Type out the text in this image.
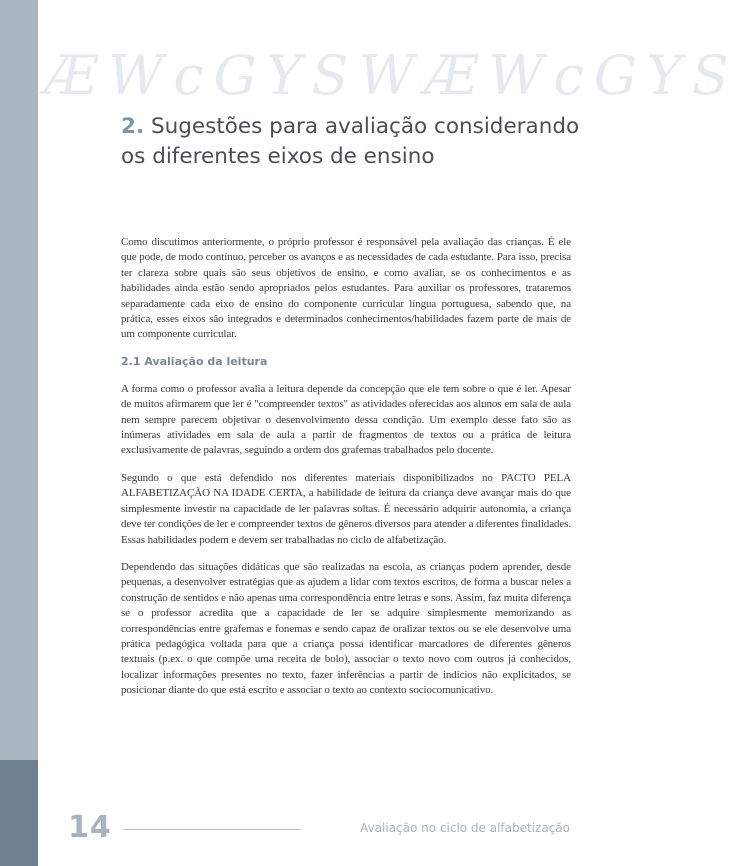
ÆWcGYSWÆWcGYS
2. Sugestões para avaliação considerando os diferentes eixos de ensino

Como discutimos anteriormente, o próprio professor é responsável pela avaliação das crianças. É ele que pode, de modo contínuo, perceber os avanços e as necessidades de cada estudante. Para isso, precisa ter clareza sobre quais são seus objetivos de ensino, e como avaliar, se os conhecimentos e as habilidades ainda estão sendo apropriados pelos estudantes. Para auxiliar os professores, trataremos separadamente cada eixo de ensino do componente curricular língua portuguesa, sabendo que, na prática, esses eixos são integrados e determinados conhecimentos/habilidades fazem parte de mais de um componente curricular.

2.1 Avaliação da leitura

A forma como o professor avalia a leitura depende da concepção que ele tem sobre o que é ler. Apesar de muitos afirmarem que ler é "compreender textos" as atividades oferecidas aos alunos em sala de aula nem sempre parecem objetivar o desenvolvimento dessa condição. Um exemplo desse fato são as inúmeras atividades em sala de aula a partir de fragmentos de textos ou a prática de leitura exclusivamente de palavras, seguindo a ordem dos grafemas trabalhados pelo docente.

Segundo o que está defendido nos diferentes materiais disponibilizados no PACTO PELA ALFABETIZAÇÃO NA IDADE CERTA, a habilidade de leitura da criança deve avançar mais do que simplesmente investir na capacidade de ler palavras soltas. É necessário adquirir autonomia, a criança deve ter condições de ler e compreender textos de gêneros diversos para atender a diferentes finalidades. Essas habilidades podem e devem ser trabalhadas no ciclo de alfabetização.

Dependendo das situações didáticas que são realizadas na escola, as crianças podem aprender, desde pequenas, a desenvolver estratégias que as ajudem a lidar com textos escritos, de forma a buscar neles a construção de sentidos e não apenas uma correspondência entre letras e sons. Assim, faz muita diferença se o professor acredita que a capacidade de ler se adquire simplesmente memorizando as correspondências entre grafemas e fonemas e sendo capaz de oralizar textos ou se ele desenvolve uma prática pedagógica voltada para que a criança possa identificar marcadores de diferentes gêneros textuais (p.ex. o que compõe uma receita de bolo), associar o texto novo com outros já conhecidos, localizar informações presentes no texto, fazer inferências a partir de indícios não explicitados, se posicionar diante do que está escrito e associar o texto ao contexto sociocomunicativo.

14	Avaliação no ciclo de alfabetização
